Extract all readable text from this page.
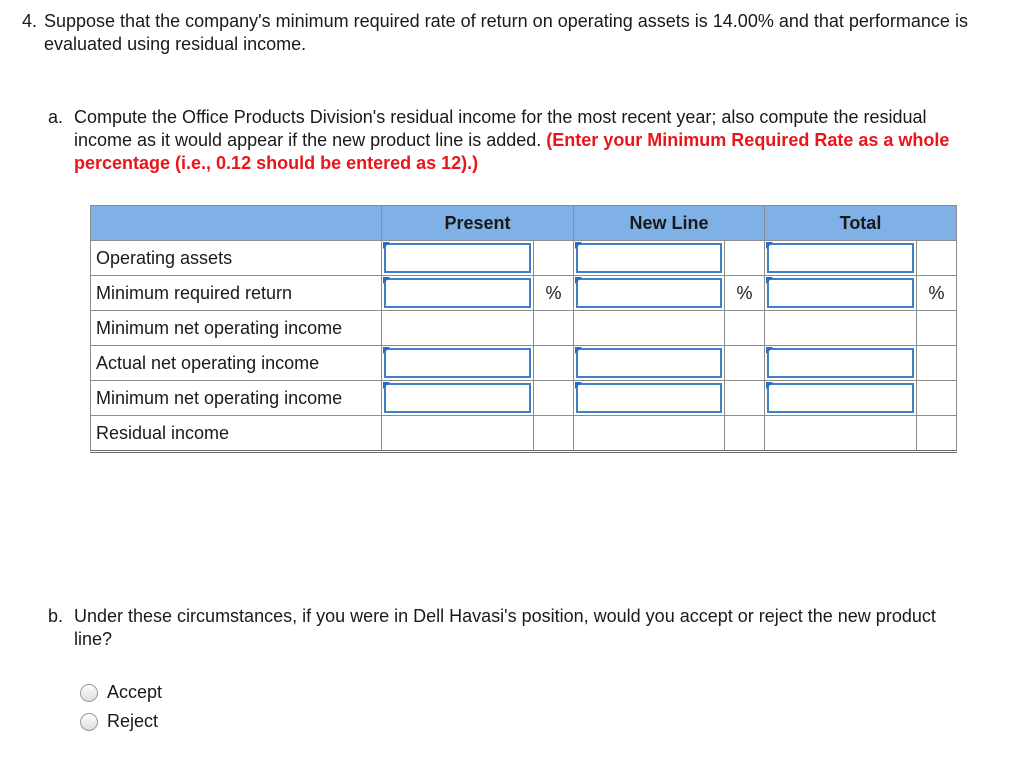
4. Suppose that the company's minimum required rate of return on operating assets is 14.00% and that performance is evaluated using residual income.
a. Compute the Office Products Division's residual income for the most recent year; also compute the residual income as it would appear if the new product line is added. (Enter your Minimum Required Rate as a whole percentage (i.e., 0.12 should be entered as 12).)
	Present		New Line		Total	
Operating assets	

Minimum required return		%		%		%
Minimum net operating income	

Actual net operating income	

Minimum net operating income	

Residual income	

b. Under these circumstances, if you were in Dell Havasi's position, would you accept or reject the new product line?
Accept
Reject
